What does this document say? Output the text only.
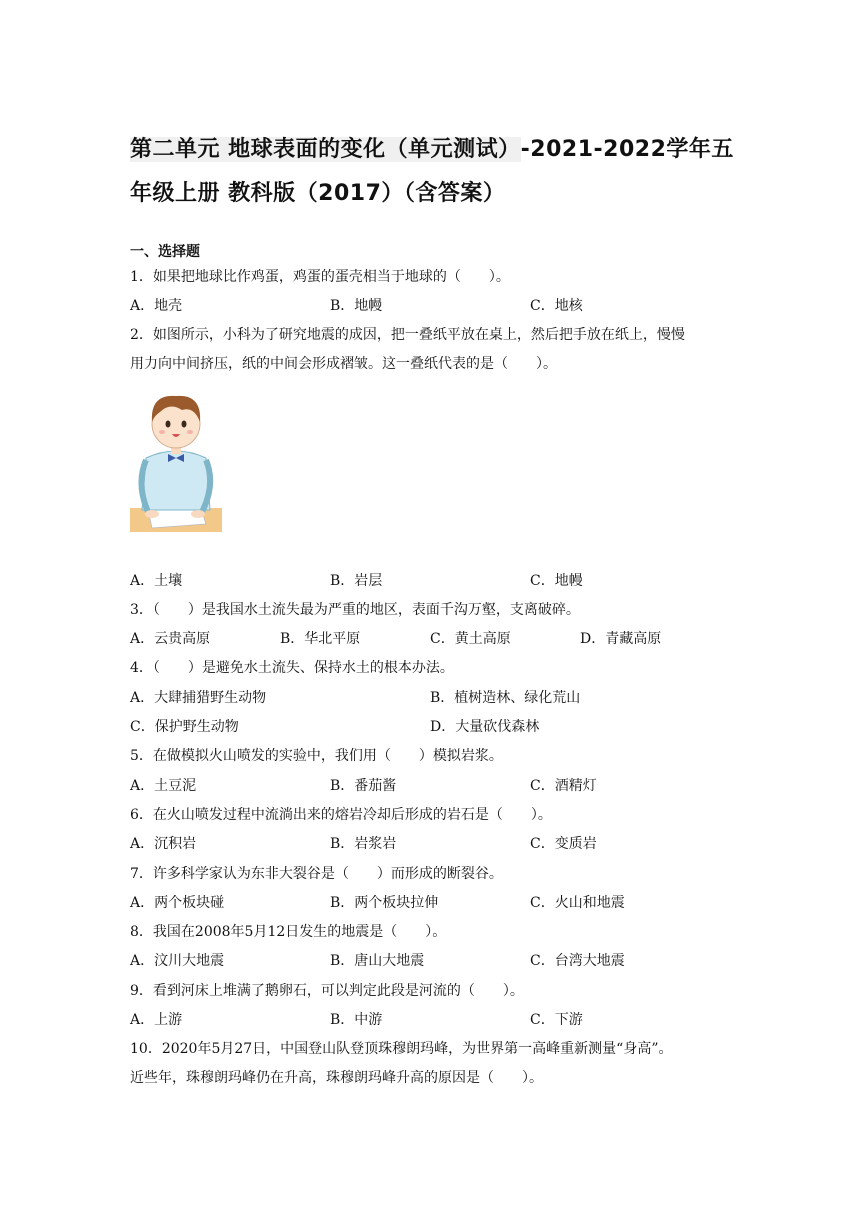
第二单元 地球表面的变化（单元测试）-2021-2022学年五
年级上册 教科版（2017）（含答案）
一、选择题
1．如果把地球比作鸡蛋，鸡蛋的蛋壳相当于地球的（　　）。
A．地壳	B．地幔	C．地核
2．如图所示，小科为了研究地震的成因，把一叠纸平放在桌上，然后把手放在纸上，慢慢
用力向中间挤压，纸的中间会形成褶皱。这一叠纸代表的是（　　）。
A．土壤	B．岩层	C．地幔
3．（　　）是我国水土流失最为严重的地区，表面千沟万壑，支离破碎。
A．云贵高原	B．华北平原	C．黄土高原	D．青藏高原
4．（　　）是避免水土流失、保持水土的根本办法。
A．大肆捕猎野生动物	B．植树造林、绿化荒山
C．保护野生动物	D．大量砍伐森林
5．在做模拟火山喷发的实验中，我们用（　　）模拟岩浆。
A．土豆泥	B．番茄酱	C．酒精灯
6．在火山喷发过程中流淌出来的熔岩冷却后形成的岩石是（　　）。
A．沉积岩	B．岩浆岩	C．变质岩
7．许多科学家认为东非大裂谷是（　　）而形成的断裂谷。
A．两个板块碰	B．两个板块拉伸	C．火山和地震
8．我国在2008年5月12日发生的地震是（　　）。
A．汶川大地震	B．唐山大地震	C．台湾大地震
9．看到河床上堆满了鹅卵石，可以判定此段是河流的（　　）。
A．上游	B．中游	C．下游
10．2020年5月27日，中国登山队登顶珠穆朗玛峰，为世界第一高峰重新测量“身高”。
近些年，珠穆朗玛峰仍在升高，珠穆朗玛峰升高的原因是（　　）。
